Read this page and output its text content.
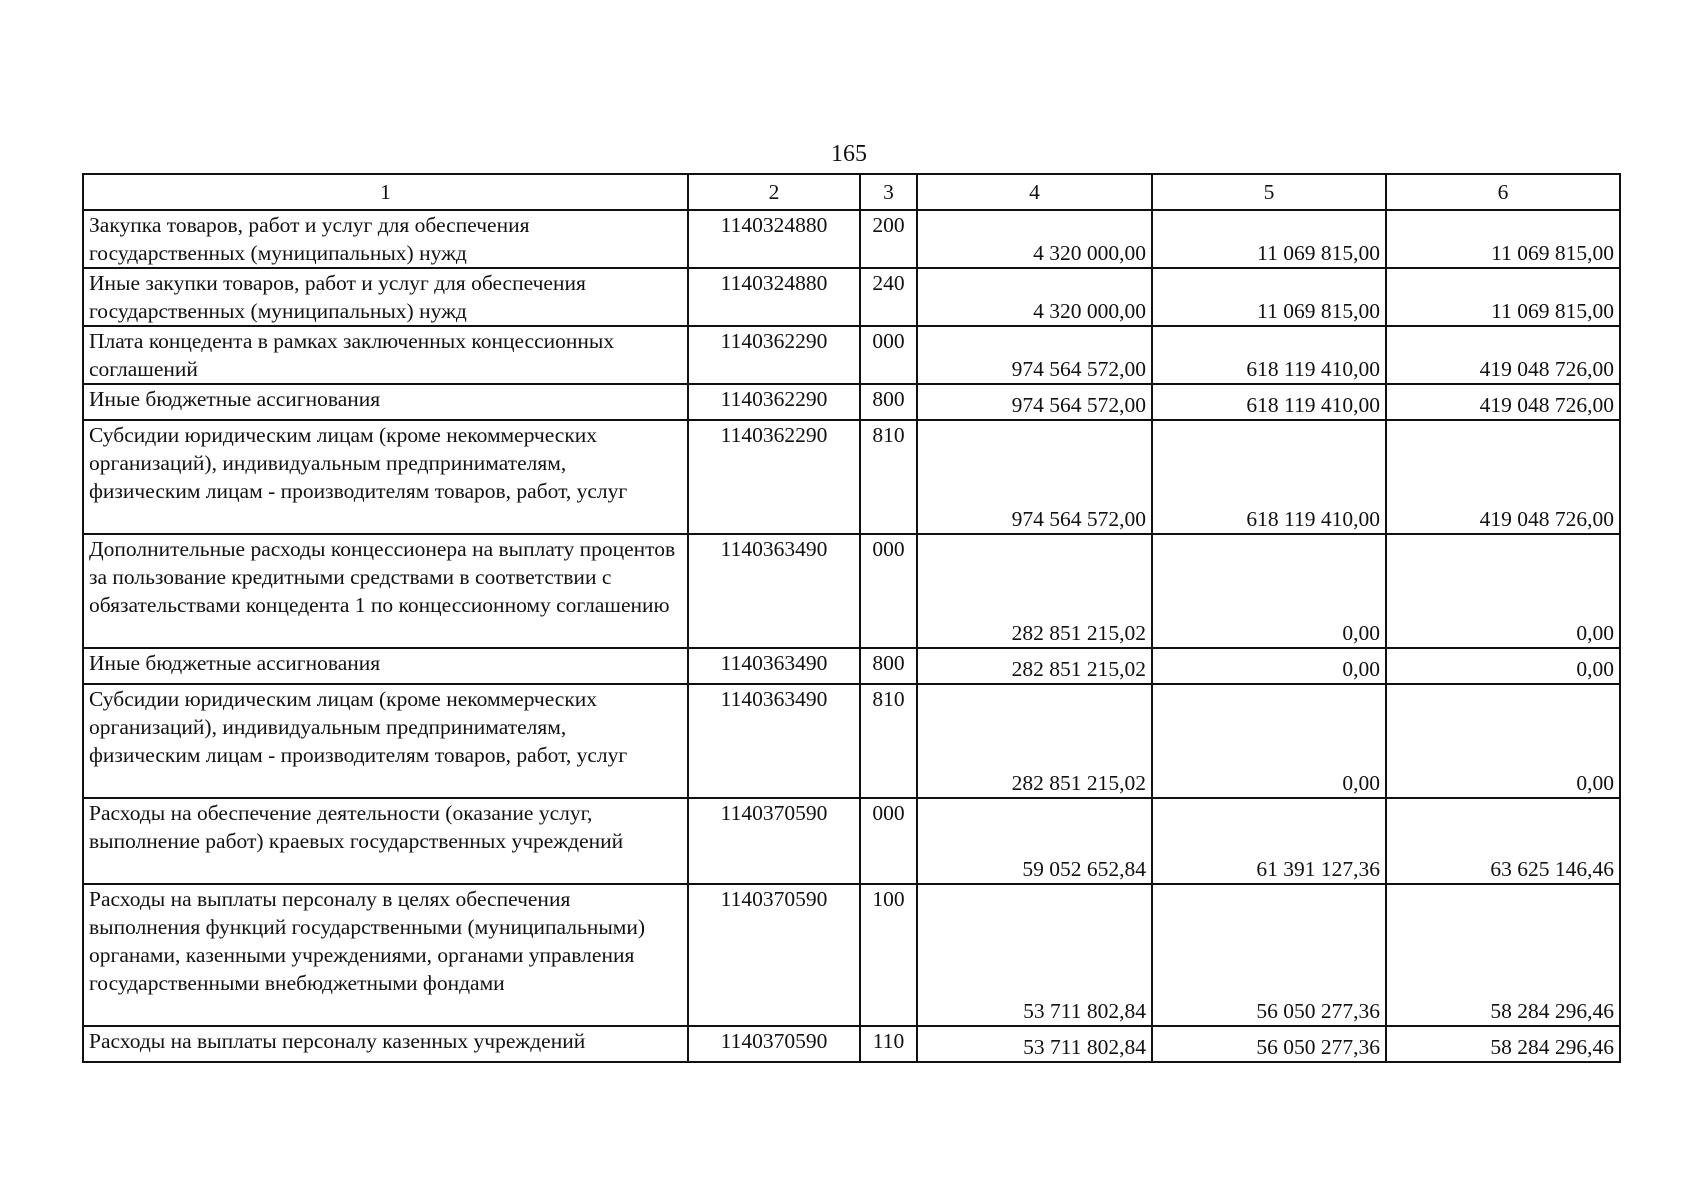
165
1	2	3	4	5	6
Закупка товаров, работ и услуг для обеспечения государственных (муниципальных) нужд	1140324880	200	4 320 000,00	11 069 815,00	11 069 815,00
Иные закупки товаров, работ и услуг для обеспечения государственных (муниципальных) нужд	1140324880	240	4 320 000,00	11 069 815,00	11 069 815,00
Плата концедента в рамках заключенных концессионных соглашений	1140362290	000	974 564 572,00	618 119 410,00	419 048 726,00
Иные бюджетные ассигнования	1140362290	800	974 564 572,00	618 119 410,00	419 048 726,00
Субсидии юридическим лицам (кроме некоммерческих организаций), индивидуальным предпринимателям, физическим лицам - производителям товаров, работ, услуг	1140362290	810	974 564 572,00	618 119 410,00	419 048 726,00
Дополнительные расходы концессионера на выплату процентов за пользование кредитными средствами в соответствии с обязательствами концедента 1 по концессионному соглашению	1140363490	000	282 851 215,02	0,00	0,00
Иные бюджетные ассигнования	1140363490	800	282 851 215,02	0,00	0,00
Субсидии юридическим лицам (кроме некоммерческих организаций), индивидуальным предпринимателям, физическим лицам - производителям товаров, работ, услуг	1140363490	810	282 851 215,02	0,00	0,00
Расходы на обеспечение деятельности (оказание услуг, выполнение работ) краевых государственных учреждений	1140370590	000	59 052 652,84	61 391 127,36	63 625 146,46
Расходы на выплаты персоналу в целях обеспечения выполнения функций государственными (муниципальными) органами, казенными учреждениями, органами управления государственными внебюджетными фондами	1140370590	100	53 711 802,84	56 050 277,36	58 284 296,46
Расходы на выплаты персоналу казенных учреждений	1140370590	110	53 711 802,84	56 050 277,36	58 284 296,46
